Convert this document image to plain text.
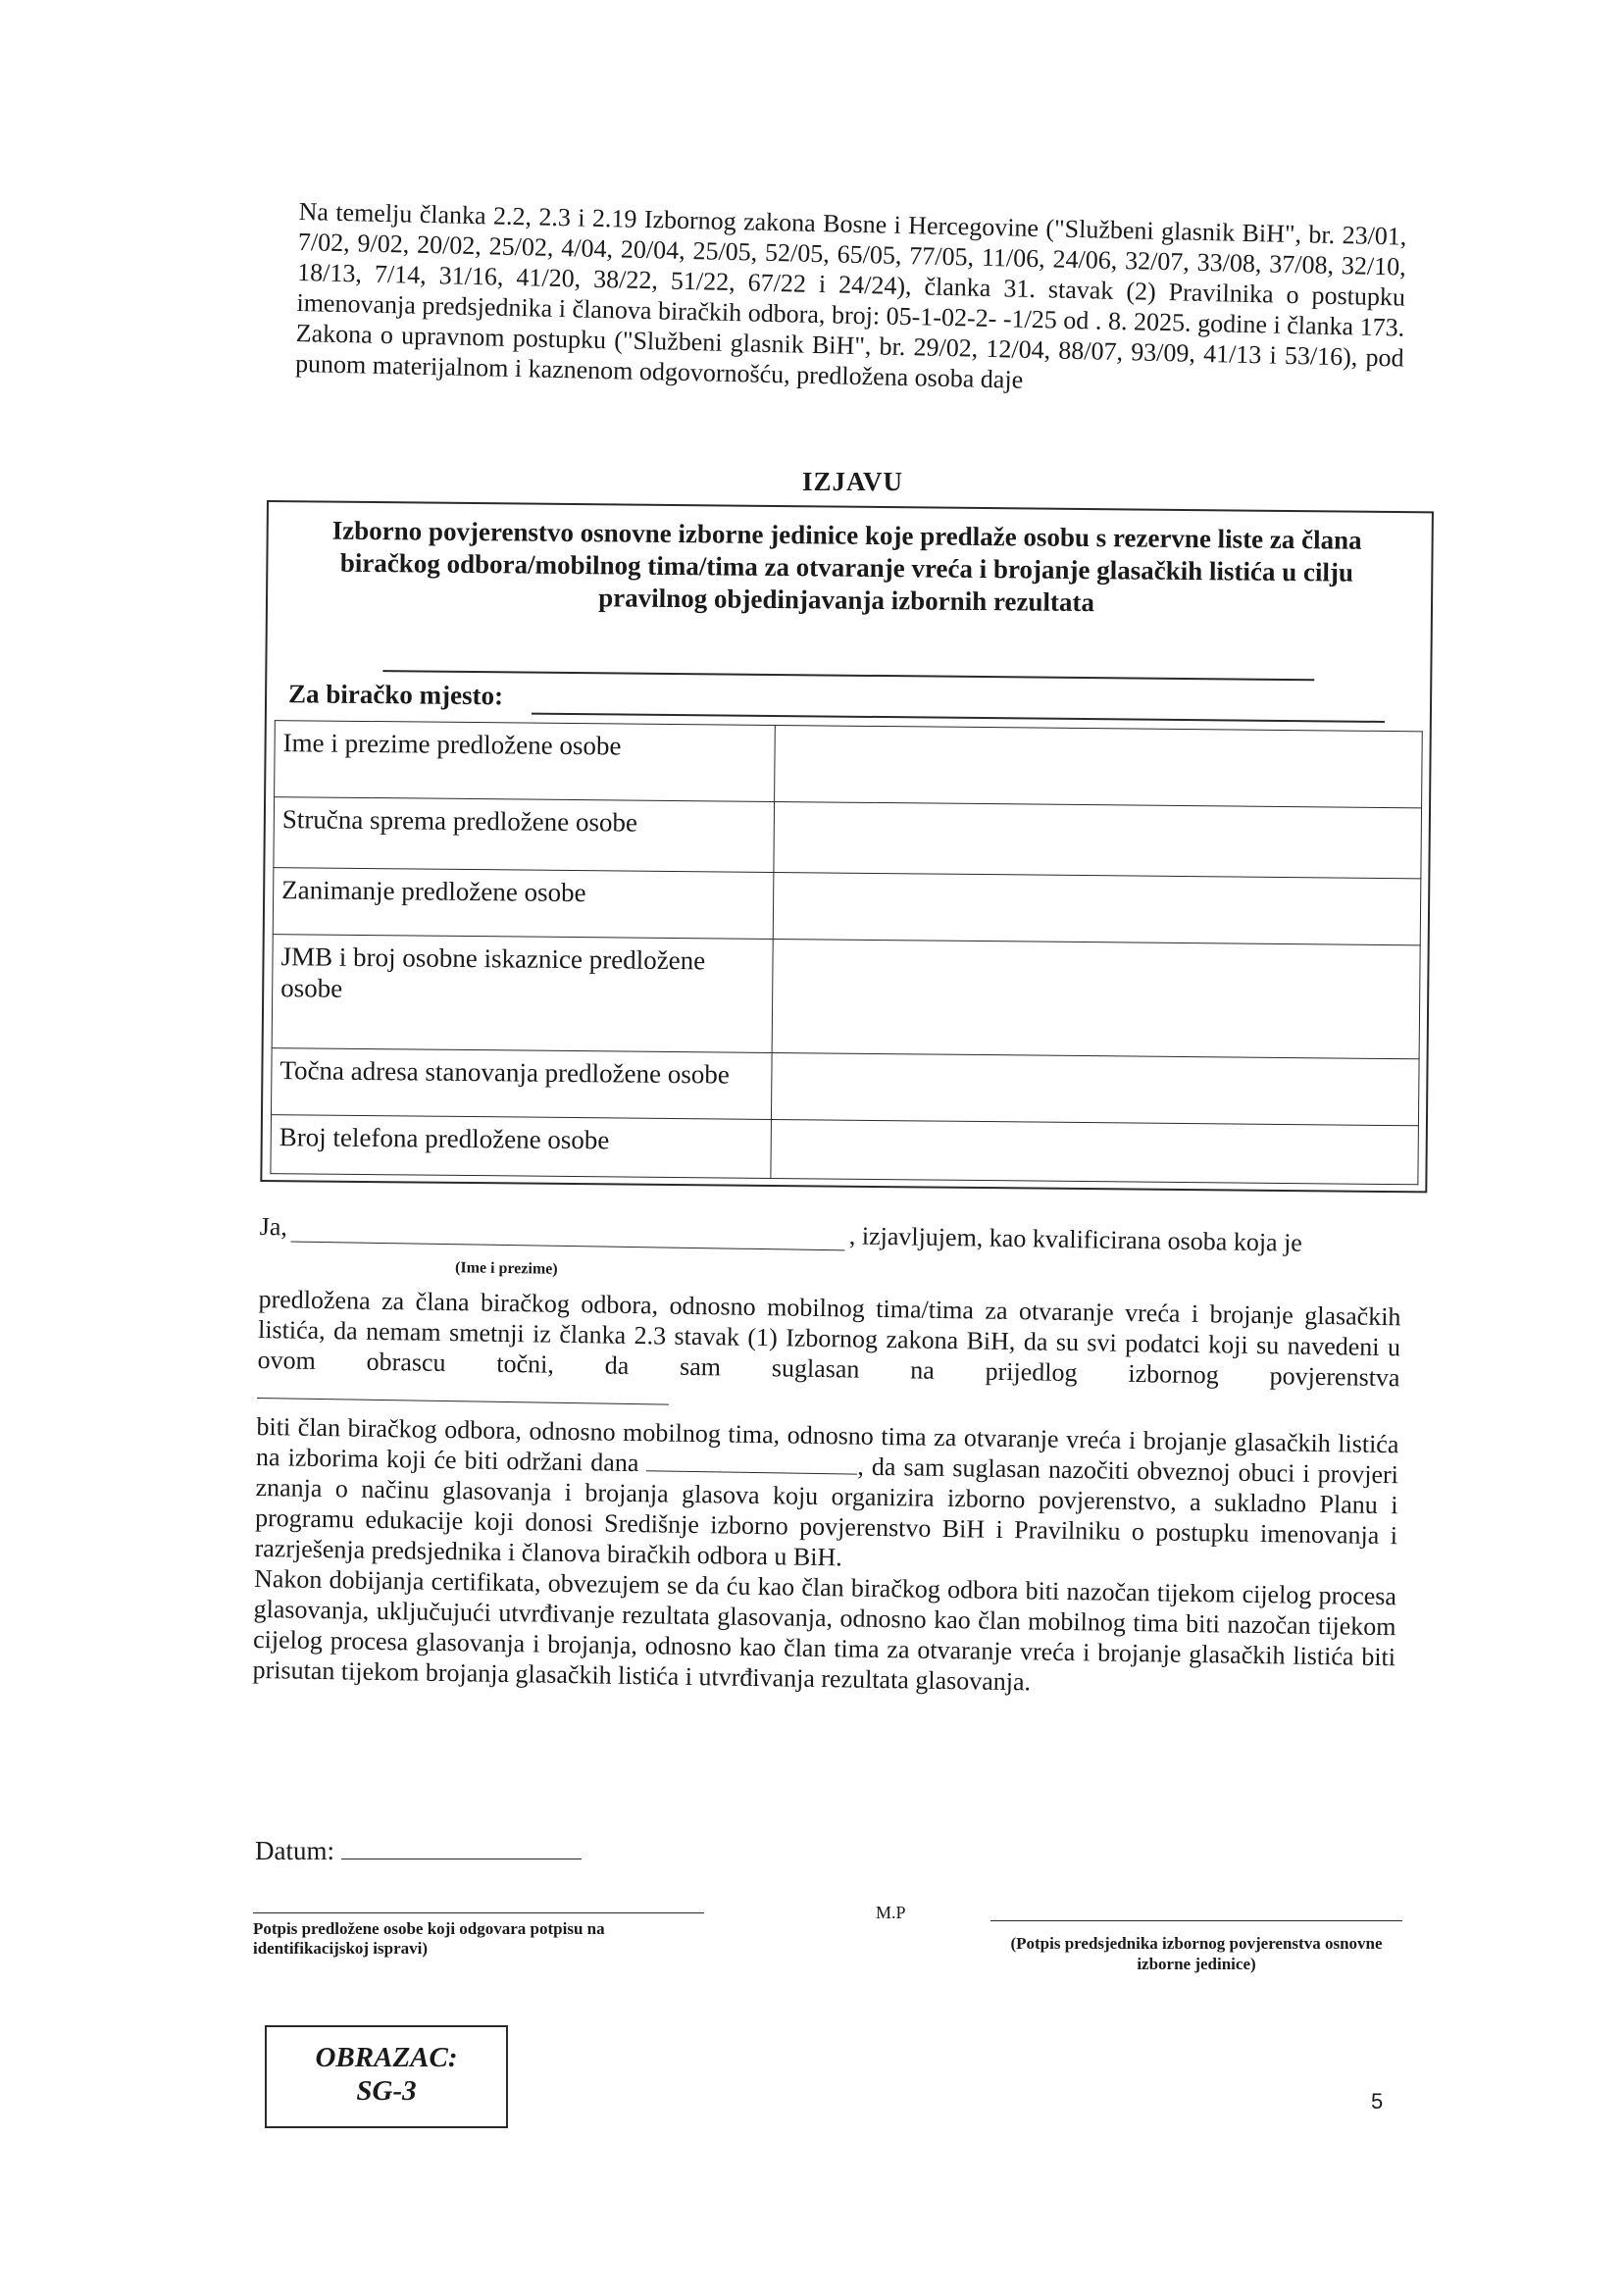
Na temelju članka 2.2, 2.3 i 2.19 Izbornog zakona Bosne i Hercegovine ("Službeni glasnik BiH", br. 23/01, 7/02, 9/02, 20/02, 25/02, 4/04, 20/04, 25/05, 52/05, 65/05, 77/05, 11/06, 24/06, 32/07, 33/08, 37/08, 32/10, 18/13, 7/14, 31/16, 41/20, 38/22, 51/22, 67/22 i 24/24), članka 31. stavak (2) Pravilnika o postupku imenovanja predsjednika i članova biračkih odbora, broj: 05-1-02-2- -1/25 od . 8. 2025. godine i članka 173. Zakona o upravnom postupku ("Službeni glasnik BiH", br. 29/02, 12/04, 88/07, 93/09, 41/13 i 53/16), pod punom materijalnom i kaznenom odgovornošću, predložena osoba daje

IZJAVU
Izborno povjerenstvo osnovne izborne jedinice koje predlaže osobu s rezervne liste za člana biračkog odbora/mobilnog tima/tima za otvaranje vreća i brojanje glasačkih listića u cilju pravilnog objedinjavanja izbornih rezultata
Za biračko mjesto:
Ime i prezime predložene osobe	
Stručna sprema predložene osobe	
Zanimanje predložene osobe	
JMB i broj osobne iskaznice predložene osobe	
Točna adresa stanovanja predložene osobe	
Broj telefona predložene osobe	

Ja,	, izjavljujem, kao kvalificirana osoba koja je

(Ime i prezime)

predložena za člana biračkog odbora, odnosno mobilnog tima/tima za otvaranje vreća i brojanje glasačkih listića, da nemam smetnji iz članka 2.3 stavak (1) Izbornog zakona BiH, da su svi podatci koji su navedeni u ovom obrascu točni, da sam suglasan na prijedlog izbornog povjerenstva

biti član biračkog odbora, odnosno mobilnog tima, odnosno tima za otvaranje vreća i brojanje glasačkih listića na izborima koji će biti održani dana	, da sam suglasan nazočiti obveznoj obuci i provjeri znanja o načinu glasovanja i brojanja glasova koju organizira izborno povjerenstvo, a sukladno Planu i programu edukacije koji donosi Središnje izborno povjerenstvo BiH i Pravilniku o postupku imenovanja i razrješenja predsjednika i članova biračkih odbora u BiH.

Nakon dobijanja certifikata, obvezujem se da ću kao član biračkog odbora biti nazočan tijekom cijelog procesa glasovanja, uključujući utvrđivanje rezultata glasovanja, odnosno kao član mobilnog tima biti nazočan tijekom cijelog procesa glasovanja i brojanja, odnosno kao član tima za otvaranje vreća i brojanje glasačkih listića biti prisutan tijekom brojanja glasačkih listića i utvrđivanja rezultata glasovanja.

Datum:
Potpis predložene osobe koji odgovara potpisu na identifikacijskoj ispravi)
M.P
(Potpis predsjednika izbornog povjerenstva osnovne izborne jedinice)
OBRAZAC:
SG-3	5
